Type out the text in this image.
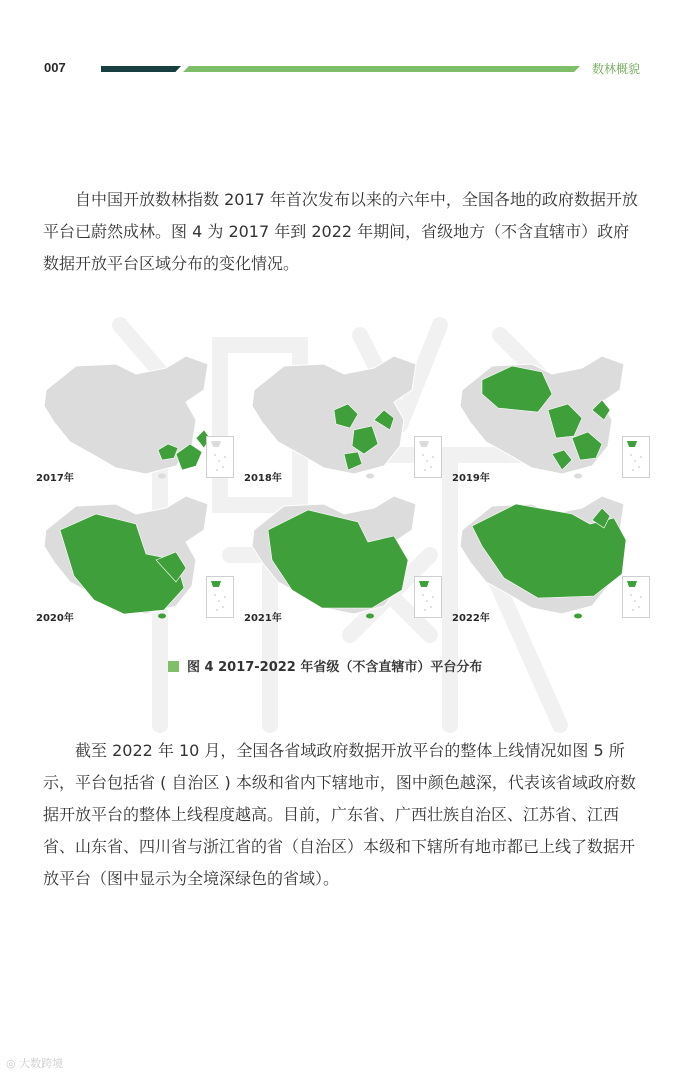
007	数林概貌

自中国开放数林指数 2017 年首次发布以来的六年中，全国各地的政府数据开放平台已蔚然成林。图 4 为 2017 年到 2022 年期间，省级地方（不含直辖市）政府数据开放平台区域分布的变化情况。

2017年	2018年	2019年
2020年	2021年	2022年
图 4 2017-2022 年省级（不含直辖市）平台分布

截至 2022 年 10 月，全国各省域政府数据开放平台的整体上线情况如图 5 所示，平台包括省 ( 自治区 ) 本级和省内下辖地市，图中颜色越深，代表该省域政府数据开放平台的整体上线程度越高。目前，广东省、广西壮族自治区、江苏省、江西省、山东省、四川省与浙江省的省（自治区）本级和下辖所有地市都已上线了数据开放平台（图中显示为全境深绿色的省域）。

◎ 大数跨境
